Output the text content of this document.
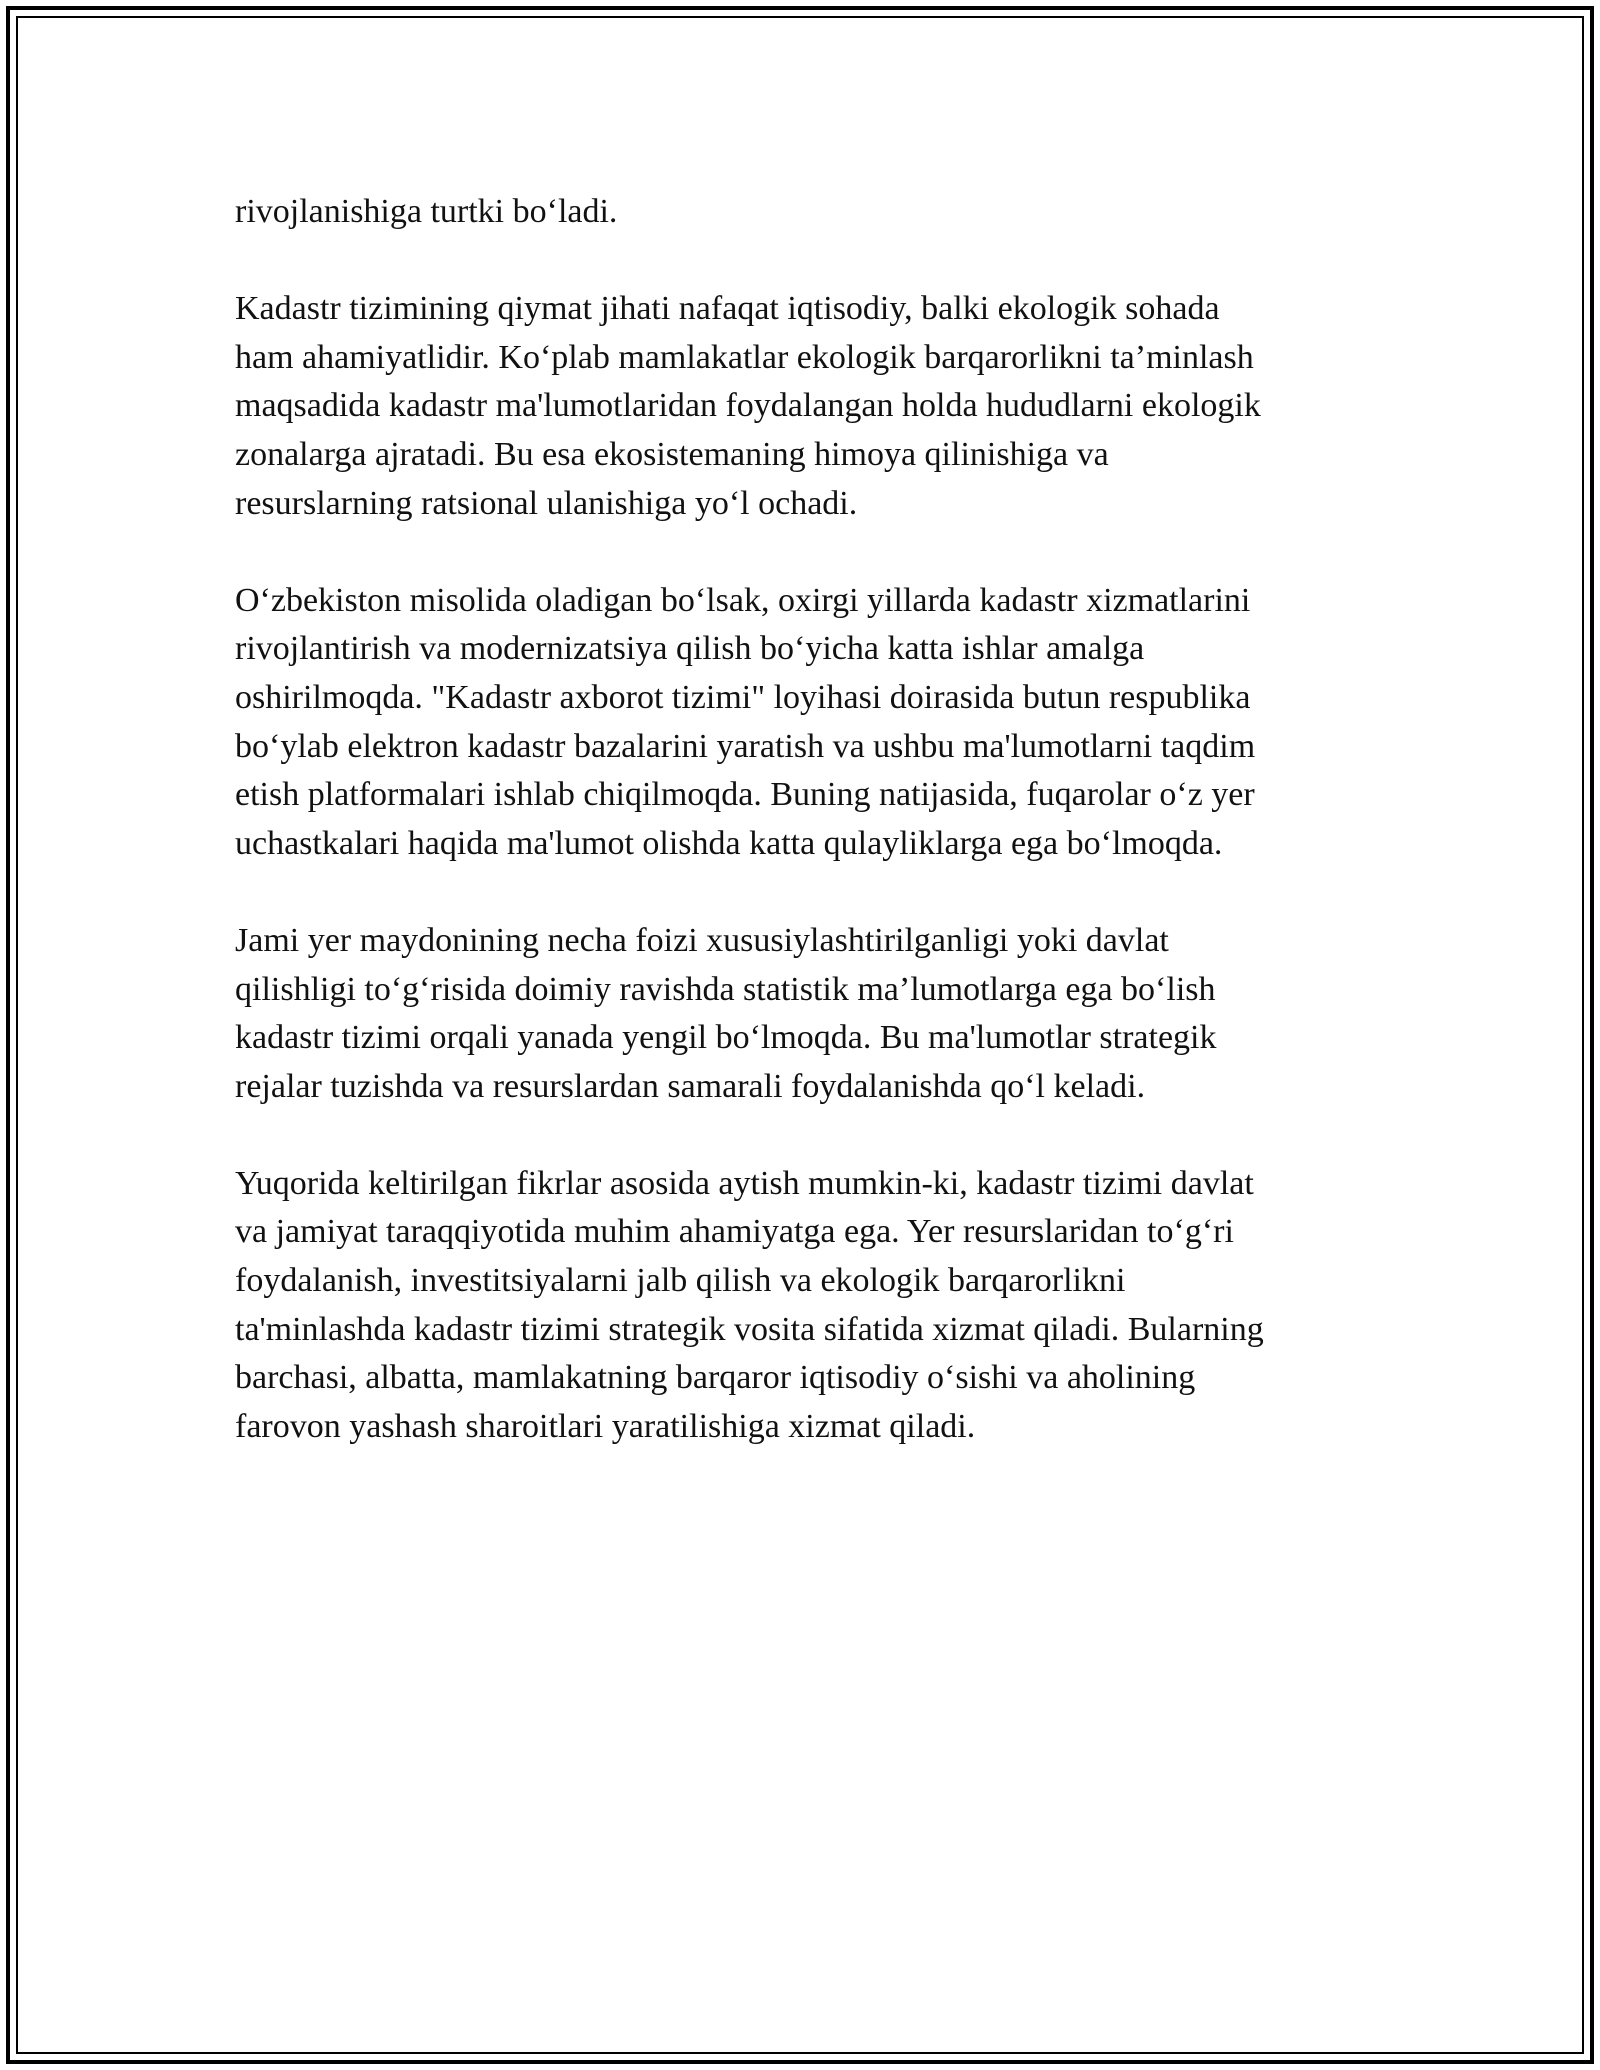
rivojlanishiga turtki boʻladi.

Kadastr tizimining qiymat jihati nafaqat iqtisodiy, balki ekologik sohada
ham ahamiyatlidir. Koʻplab mamlakatlar ekologik barqarorlikni ta’minlash
maqsadida kadastr ma'lumotlaridan foydalangan holda hududlarni ekologik
zonalarga ajratadi. Bu esa ekosistemaning himoya qilinishiga va
resurslarning ratsional ulanishiga yoʻl ochadi.

Oʻzbekiston misolida oladigan boʻlsak, oxirgi yillarda kadastr xizmatlarini
rivojlantirish va modernizatsiya qilish boʻyicha katta ishlar amalga
oshirilmoqda. "Kadastr axborot tizimi" loyihasi doirasida butun respublika
boʻylab elektron kadastr bazalarini yaratish va ushbu ma'lumotlarni taqdim
etish platformalari ishlab chiqilmoqda. Buning natijasida, fuqarolar oʻz yer
uchastkalari haqida ma'lumot olishda katta qulayliklarga ega boʻlmoqda.

Jami yer maydonining necha foizi xususiylashtirilganligi yoki davlat
qilishligi toʻgʻrisida doimiy ravishda statistik ma’lumotlarga ega boʻlish
kadastr tizimi orqali yanada yengil boʻlmoqda. Bu ma'lumotlar strategik
rejalar tuzishda va resurslardan samarali foydalanishda qoʻl keladi.

Yuqorida keltirilgan fikrlar asosida aytish mumkin-ki, kadastr tizimi davlat
va jamiyat taraqqiyotida muhim ahamiyatga ega. Yer resurslaridan toʻgʻri
foydalanish, investitsiyalarni jalb qilish va ekologik barqarorlikni
ta'minlashda kadastr tizimi strategik vosita sifatida xizmat qiladi. Bularning
barchasi, albatta, mamlakatning barqaror iqtisodiy oʻsishi va aholining
farovon yashash sharoitlari yaratilishiga xizmat qiladi.
